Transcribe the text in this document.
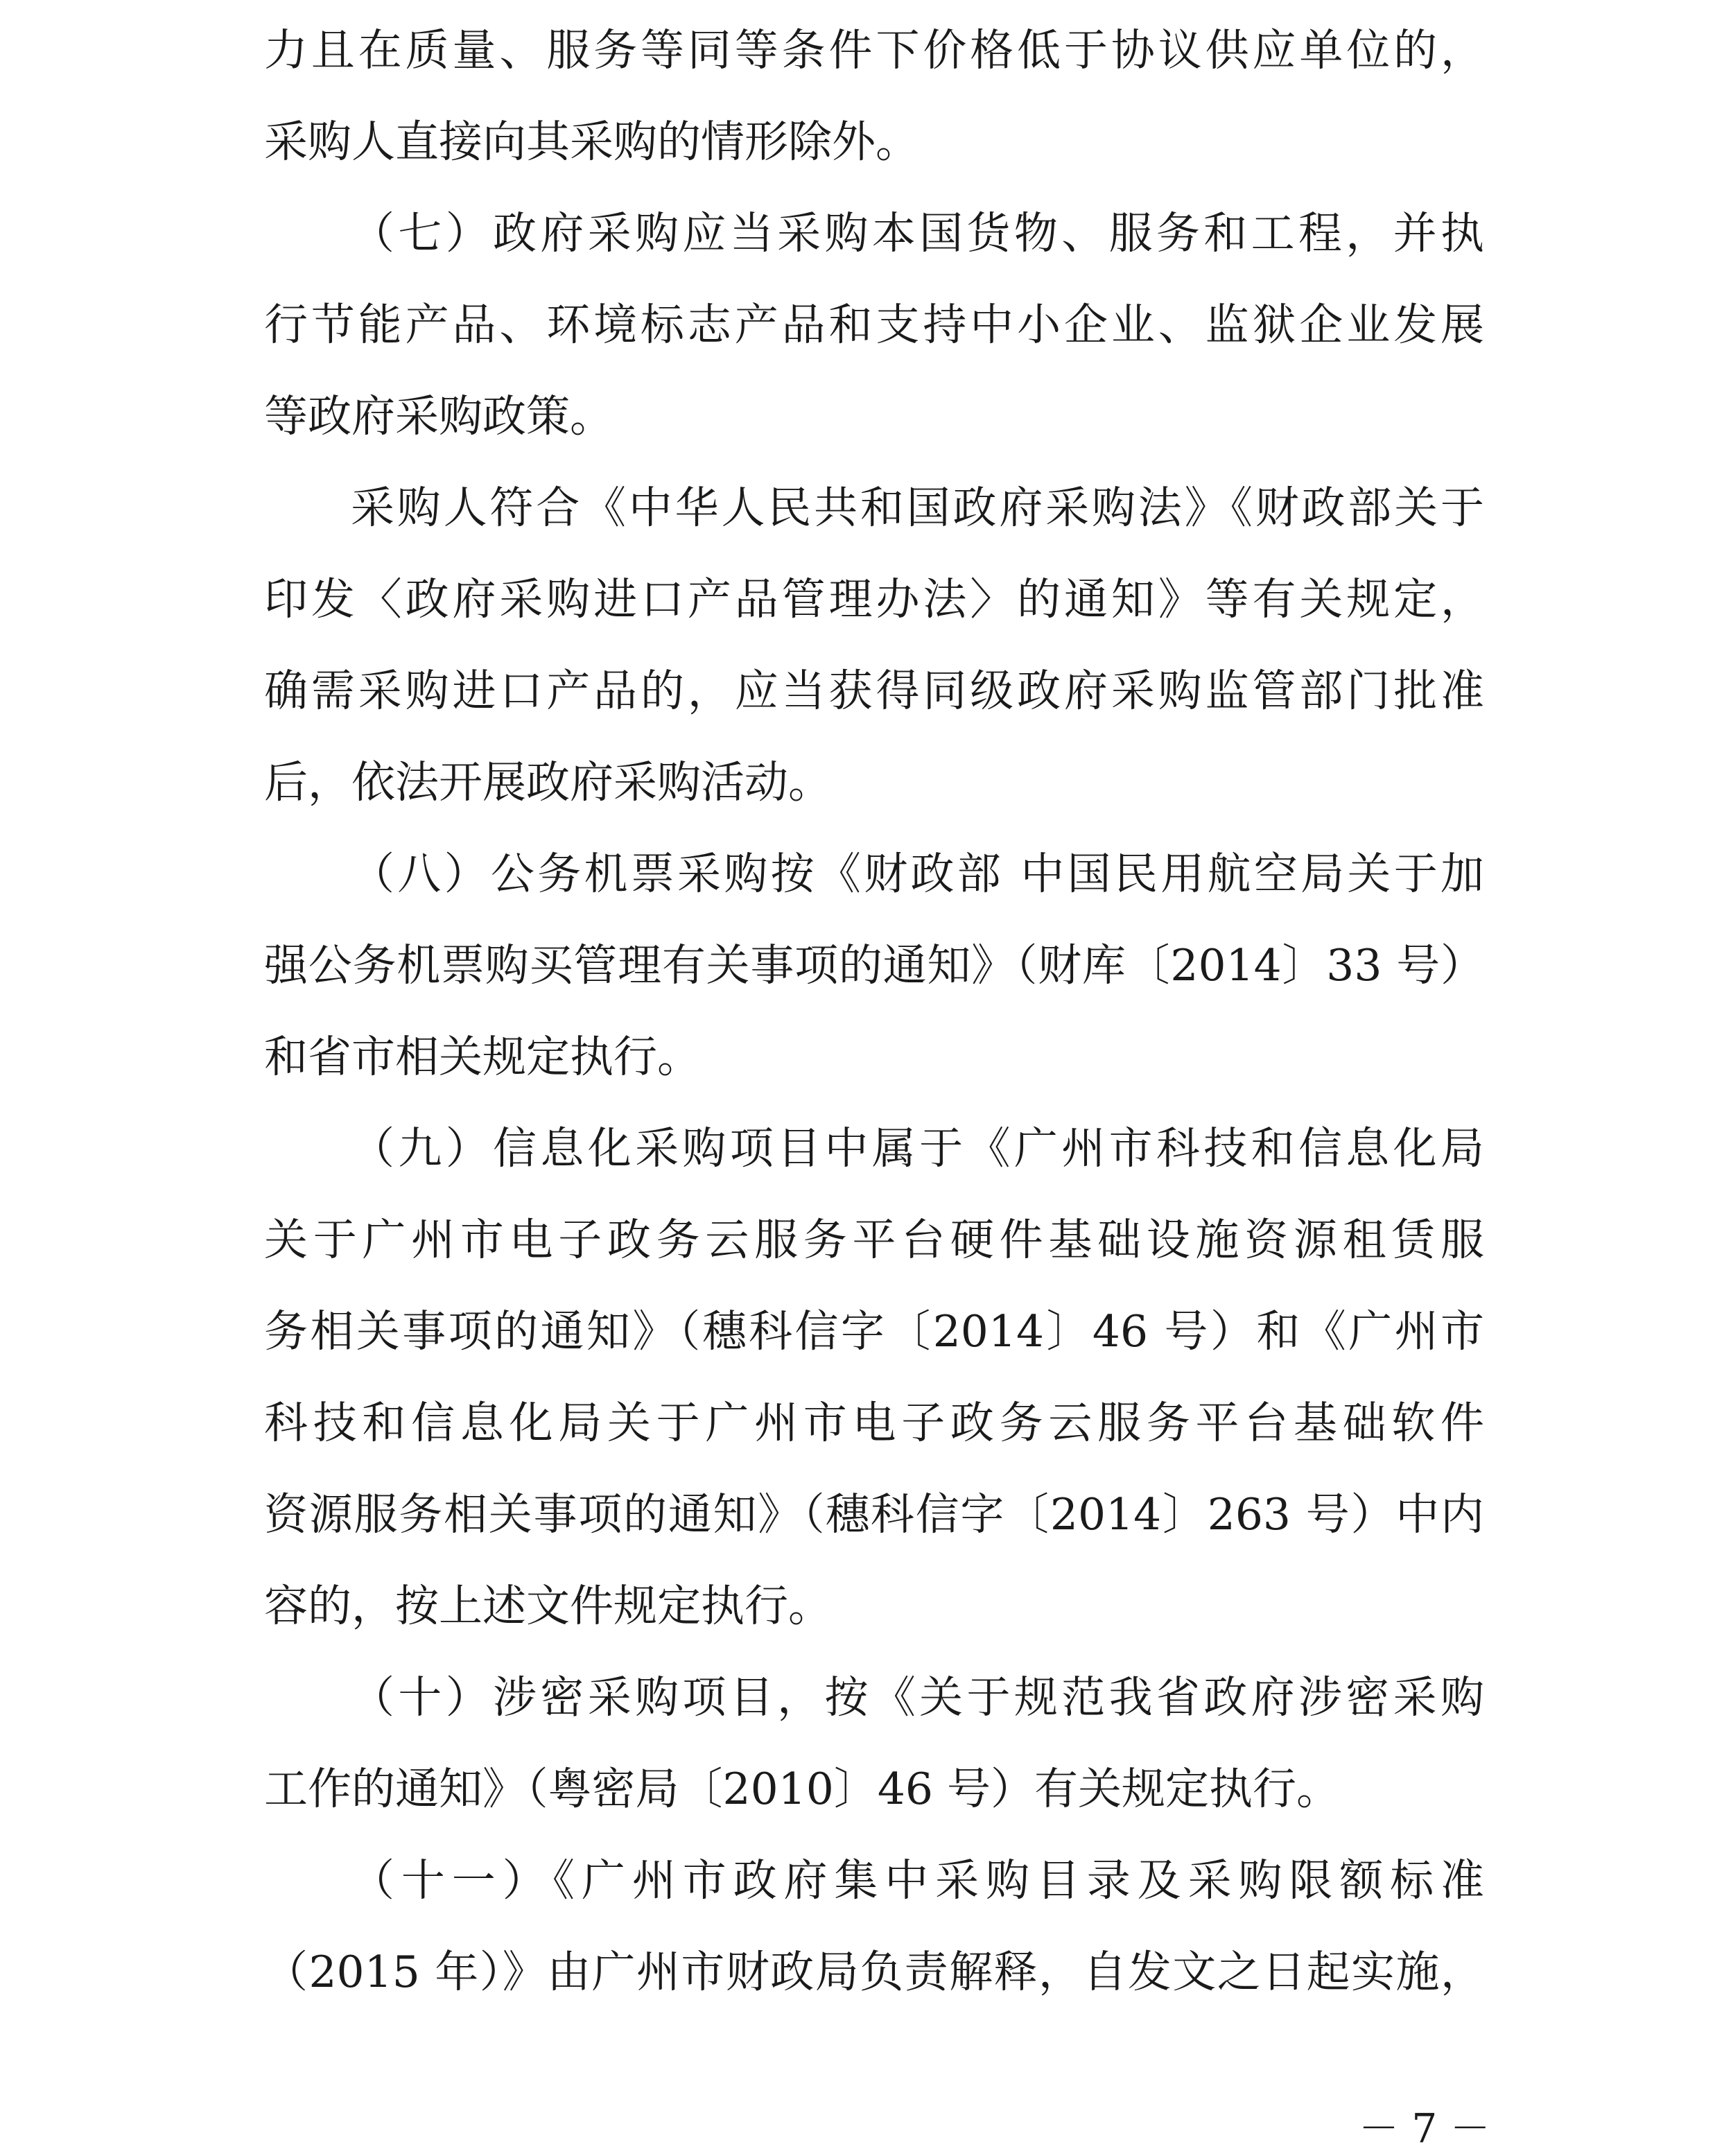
力且在质量、服务等同等条件下价格低于协议供应单位的，

采购人直接向其采购的情形除外。

（七）政府采购应当采购本国货物、服务和工程，并执

行节能产品、环境标志产品和支持中小企业、监狱企业发展

等政府采购政策。

采购人符合《中华人民共和国政府采购法》《财政部关于

印发〈政府采购进口产品管理办法〉的通知》等有关规定，

确需采购进口产品的，应当获得同级政府采购监管部门批准

后，依法开展政府采购活动。

（八）公务机票采购按《财政部 中国民用航空局关于加

强公务机票购买管理有关事项的通知》（财库〔2014〕33 号）

和省市相关规定执行。

（九）信息化采购项目中属于《广州市科技和信息化局

关于广州市电子政务云服务平台硬件基础设施资源租赁服

务相关事项的通知》（穗科信字〔2014〕46 号）和《广州市

科技和信息化局关于广州市电子政务云服务平台基础软件

资源服务相关事项的通知》（穗科信字〔2014〕263 号）中内

容的，按上述文件规定执行。

（十）涉密采购项目，按《关于规范我省政府涉密采购

工作的通知》（粤密局〔2010〕46 号）有关规定执行。

（十一）《广州市政府集中采购目录及采购限额标准

（2015 年）》由广州市财政局负责解释，自发文之日起实施，

－ 7 －
